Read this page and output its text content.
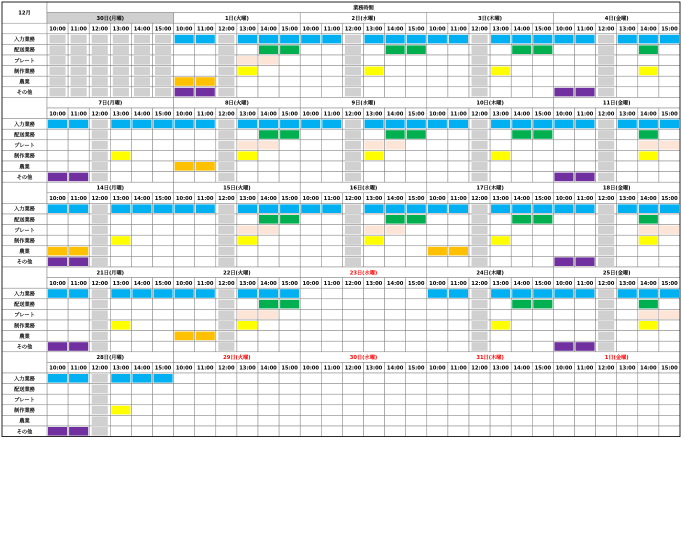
業務時間
12月
30日(月曜)
10:00 11:00 12:00 13:00 14:00 15:00
1日(火曜)
10:00 11:00 12:00 13:00 14:00 15:00
2日(水曜)
10:00 11:00 12:00 13:00 14:00 15:00
3日(木曜)
10:00 11:00 12:00 13:00 14:00 15:00
4日(金曜)
10:00 11:00 12:00 13:00 14:00 15:00
入力業務
配送業務
プレート
制作業務
農業
その他
7日(月曜)
10:00 11:00 12:00 13:00 14:00 15:00
8日(火曜)
10:00 11:00 12:00 13:00 14:00 15:00
9日(水曜)
10:00 11:00 12:00 13:00 14:00 15:00
10日(木曜)
10:00 11:00 12:00 13:00 14:00 15:00
11日(金曜)
10:00 11:00 12:00 13:00 14:00 15:00
入力業務
配送業務
プレート
制作業務
農業
その他
14日(月曜)
10:00 11:00 12:00 13:00 14:00 15:00
15日(火曜)
10:00 11:00 12:00 13:00 14:00 15:00
16日(水曜)
10:00 11:00 12:00 13:00 14:00 15:00
17日(木曜)
10:00 11:00 12:00 13:00 14:00 15:00
18日(金曜)
10:00 11:00 12:00 13:00 14:00 15:00
入力業務
配送業務
プレート
制作業務
農業
その他
21日(月曜)
10:00 11:00 12:00 13:00 14:00 15:00
22日(火曜)
10:00 11:00 12:00 13:00 14:00 15:00
23日(水曜)
10:00 11:00 12:00 13:00 14:00 15:00
24日(木曜)
10:00 11:00 12:00 13:00 14:00 15:00
25日(金曜)
10:00 11:00 12:00 13:00 14:00 15:00
入力業務
配送業務
プレート
制作業務
農業
その他
28日(月曜)
10:00 11:00 12:00 13:00 14:00 15:00
29日(火曜)
10:00 11:00 12:00 13:00 14:00 15:00
30日(水曜)
10:00 11:00 12:00 13:00 14:00 15:00
31日(木曜)
10:00 11:00 12:00 13:00 14:00 15:00
1日(金曜)
10:00 11:00 12:00 13:00 14:00 15:00
入力業務
配送業務
プレート
制作業務
農業
その他
